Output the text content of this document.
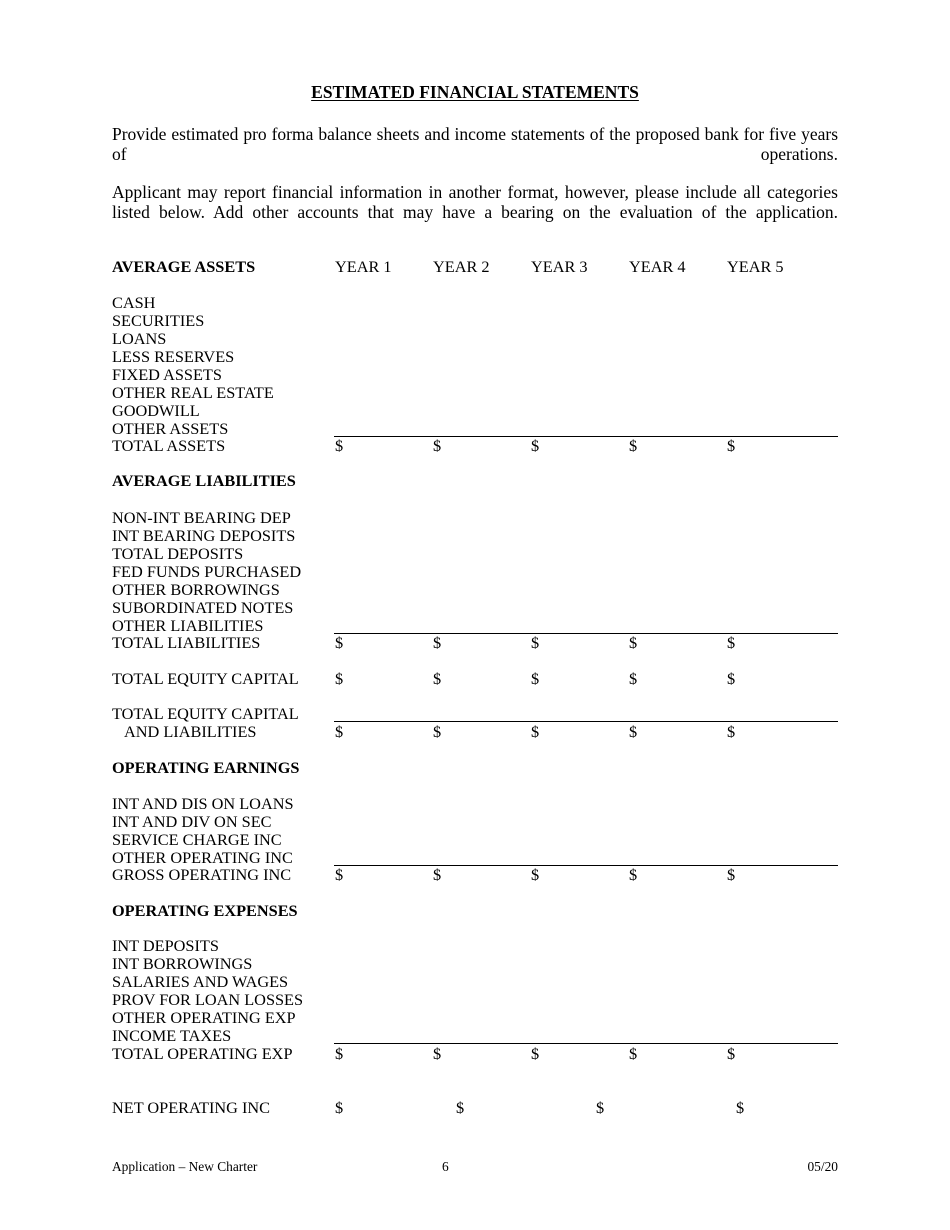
ESTIMATED FINANCIAL STATEMENTS

Provide estimated pro forma balance sheets and income statements of the proposed bank for five years of operations.

Applicant may report financial information in another format, however, please include all categories listed below. Add other accounts that may have a bearing on the evaluation of the application.

AVERAGE ASSETS	YEAR 1	YEAR 2	YEAR 3	YEAR 4	YEAR 5
CASH
SECURITIES
LOANS
LESS RESERVES
FIXED ASSETS
OTHER REAL ESTATE
GOODWILL
OTHER ASSETS
TOTAL ASSETS	$	$	$	$	$
AVERAGE LIABILITIES
NON-INT BEARING DEP
INT BEARING DEPOSITS
TOTAL DEPOSITS
FED FUNDS PURCHASED
OTHER BORROWINGS
SUBORDINATED NOTES
OTHER LIABILITIES
TOTAL LIABILITIES	$	$	$	$	$
TOTAL EQUITY CAPITAL $	$	$	$	$
TOTAL EQUITY CAPITAL
AND LIABILITIES	$	$	$	$	$
OPERATING EARNINGS
INT AND DIS ON LOANS
INT AND DIV ON SEC
SERVICE CHARGE INC
OTHER OPERATING INC
GROSS OPERATING INC	$	$	$	$	$
OPERATING EXPENSES
INT DEPOSITS
INT BORROWINGS
SALARIES AND WAGES
PROV FOR LOAN LOSSES
OTHER OPERATING EXP
INCOME TAXES
TOTAL OPERATING EXP	$	$	$	$	$
NET OPERATING INC	$	$	$	$
Application – New Charter	6	05/20
